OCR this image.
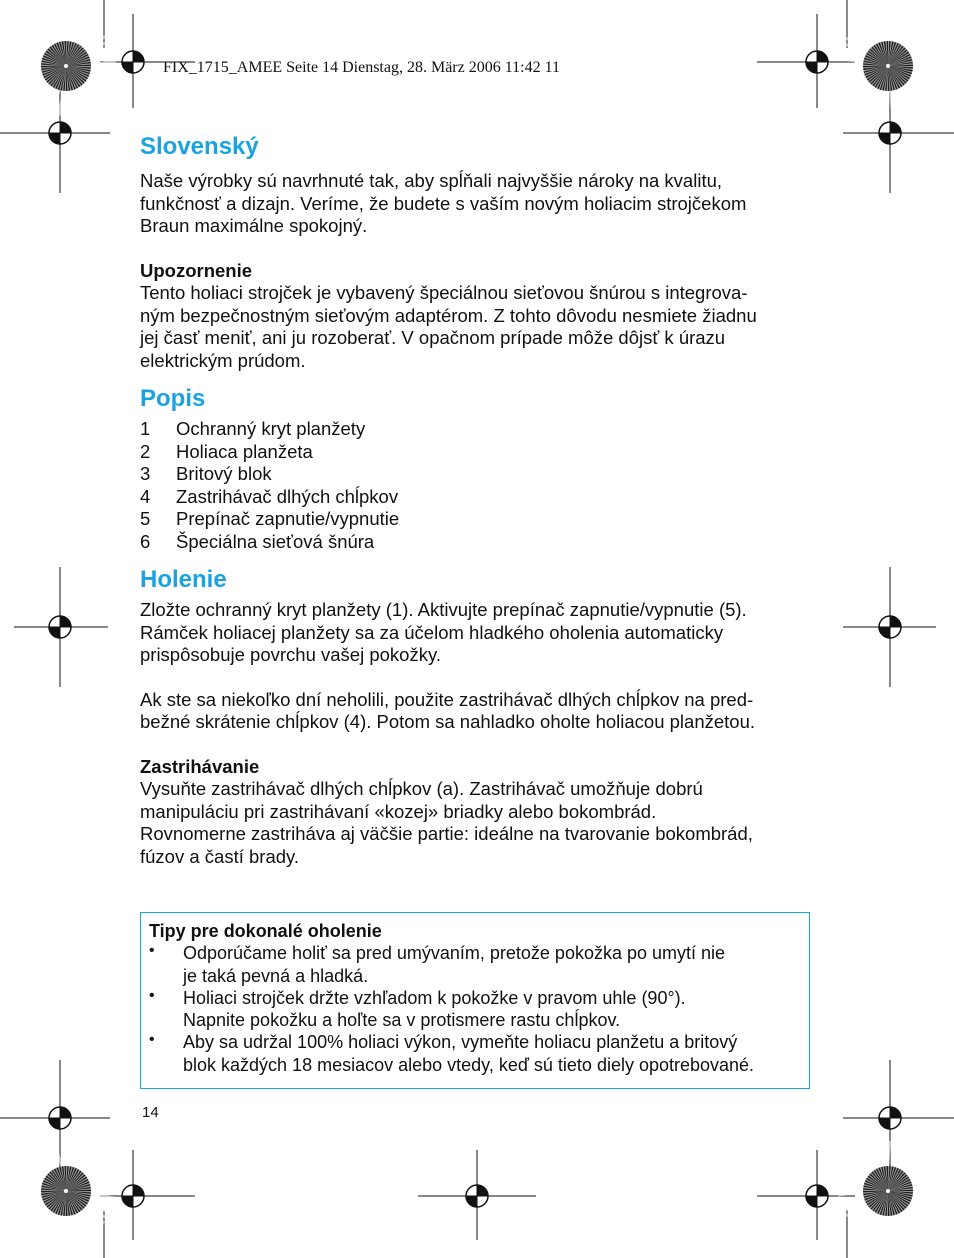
FIX_1715_AMEE Seite 14 Dienstag, 28. März 2006 11:42 11
Slovenský

Naše výrobky sú navrhnuté tak, aby spĺňali najvyššie nároky na kvalitu,

funkčnosť a dizajn. Veríme, že budete s vaším novým holiacim strojčekom

Braun maximálne spokojný.

Upozornenie

Tento holiaci strojček je vybavený špeciálnou sieťovou šnúrou s integrova-

ným bezpečnostným sieťovým adaptérom. Z tohto dôvodu nesmiete žiadnu

jej časť meniť, ani ju rozoberať. V opačnom prípade môže dôjsť k úrazu

elektrickým prúdom.

Popis
1	Ochranný kryt planžety
2	Holiaca planžeta
3	Britový blok
4	Zastrihávač dlhých chĺpkov
5	Prepínač zapnutie/vypnutie
6	Špeciálna sieťová šnúra
Holenie

Zložte ochranný kryt planžety (1). Aktivujte prepínač zapnutie/vypnutie (5).

Rámček holiacej planžety sa za účelom hladkého oholenia automaticky

prispôsobuje povrchu vašej pokožky.

Ak ste sa niekoľko dní neholili, použite zastrihávač dlhých chĺpkov na pred-

bežné skrátenie chĺpkov (4). Potom sa nahladko oholte holiacou planžetou.

Zastrihávanie

Vysuňte zastrihávač dlhých chĺpkov (a). Zastrihávač umožňuje dobrú

manipuláciu pri zastrihávaní «kozej» briadky alebo bokombrád.

Rovnomerne zastriháva aj väčšie partie: ideálne na tvarovanie bokombrád,

fúzov a častí brady.

Tipy pre dokonalé oholenie

•	Odporúčame holiť sa pred umývaním, pretože pokožka po umytí nie

je taká pevná a hladká.

•	Holiaci strojček držte vzhľadom k pokožke v pravom uhle (90°).

Napnite pokožku a hoľte sa v protismere rastu chĺpkov.

•	Aby sa udržal 100% holiaci výkon, vymeňte holiacu planžetu a britový

blok každých 18 mesiacov alebo vtedy, keď sú tieto diely opotrebované.

14
